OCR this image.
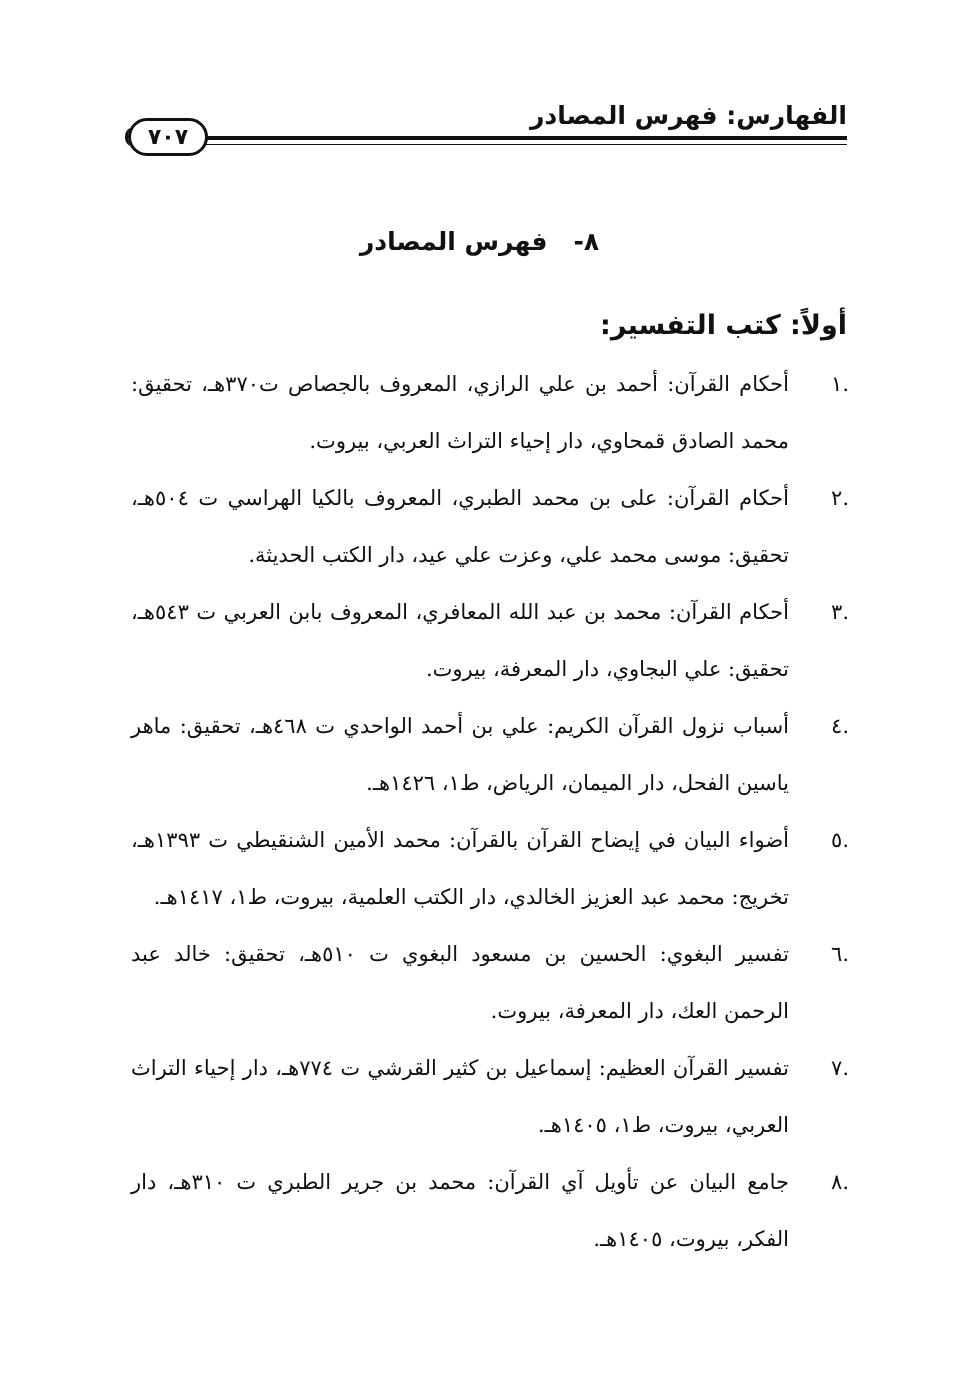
الفهارس: فهرس المصادر
٧٠٧
٨-فهرس المصادر
أولاً: كتب التفسير:
.١
أحكام القرآن: أحمد بن علي الرازي، المعروف بالجصاص ت٣٧٠هـ، تحقيق: محمد الصادق قمحاوي، دار إحياء التراث العربي، بيروت.
.٢
أحكام القرآن: على بن محمد الطبري، المعروف بالكيا الهراسي ت ٥٠٤هـ، تحقيق: موسى محمد علي، وعزت علي عيد، دار الكتب الحديثة.
.٣
أحكام القرآن: محمد بن عبد الله المعافري، المعروف بابن العربي ت ٥٤٣هـ، تحقيق: علي البجاوي، دار المعرفة، بيروت.
.٤
أسباب نزول القرآن الكريم: علي بن أحمد الواحدي ت ٤٦٨هـ، تحقيق: ماهر ياسين الفحل، دار الميمان، الرياض، ط١، ١٤٢٦هـ.
.٥
أضواء البيان في إيضاح القرآن بالقرآن: محمد الأمين الشنقيطي ت ١٣٩٣هـ، تخريج: محمد عبد العزيز الخالدي، دار الكتب العلمية، بيروت، ط١، ١٤١٧هـ.
.٦
تفسير البغوي: الحسين بن مسعود البغوي ت ٥١٠هـ، تحقيق: خالد عبد الرحمن العك، دار المعرفة، بيروت.
.٧
تفسير القرآن العظيم: إسماعيل بن كثير القرشي ت ٧٧٤هـ، دار إحياء التراث العربي، بيروت، ط١، ١٤٠٥هـ.
.٨
جامع البيان عن تأويل آي القرآن: محمد بن جرير الطبري ت ٣١٠هـ، دار الفكر، بيروت، ١٤٠٥هـ.
